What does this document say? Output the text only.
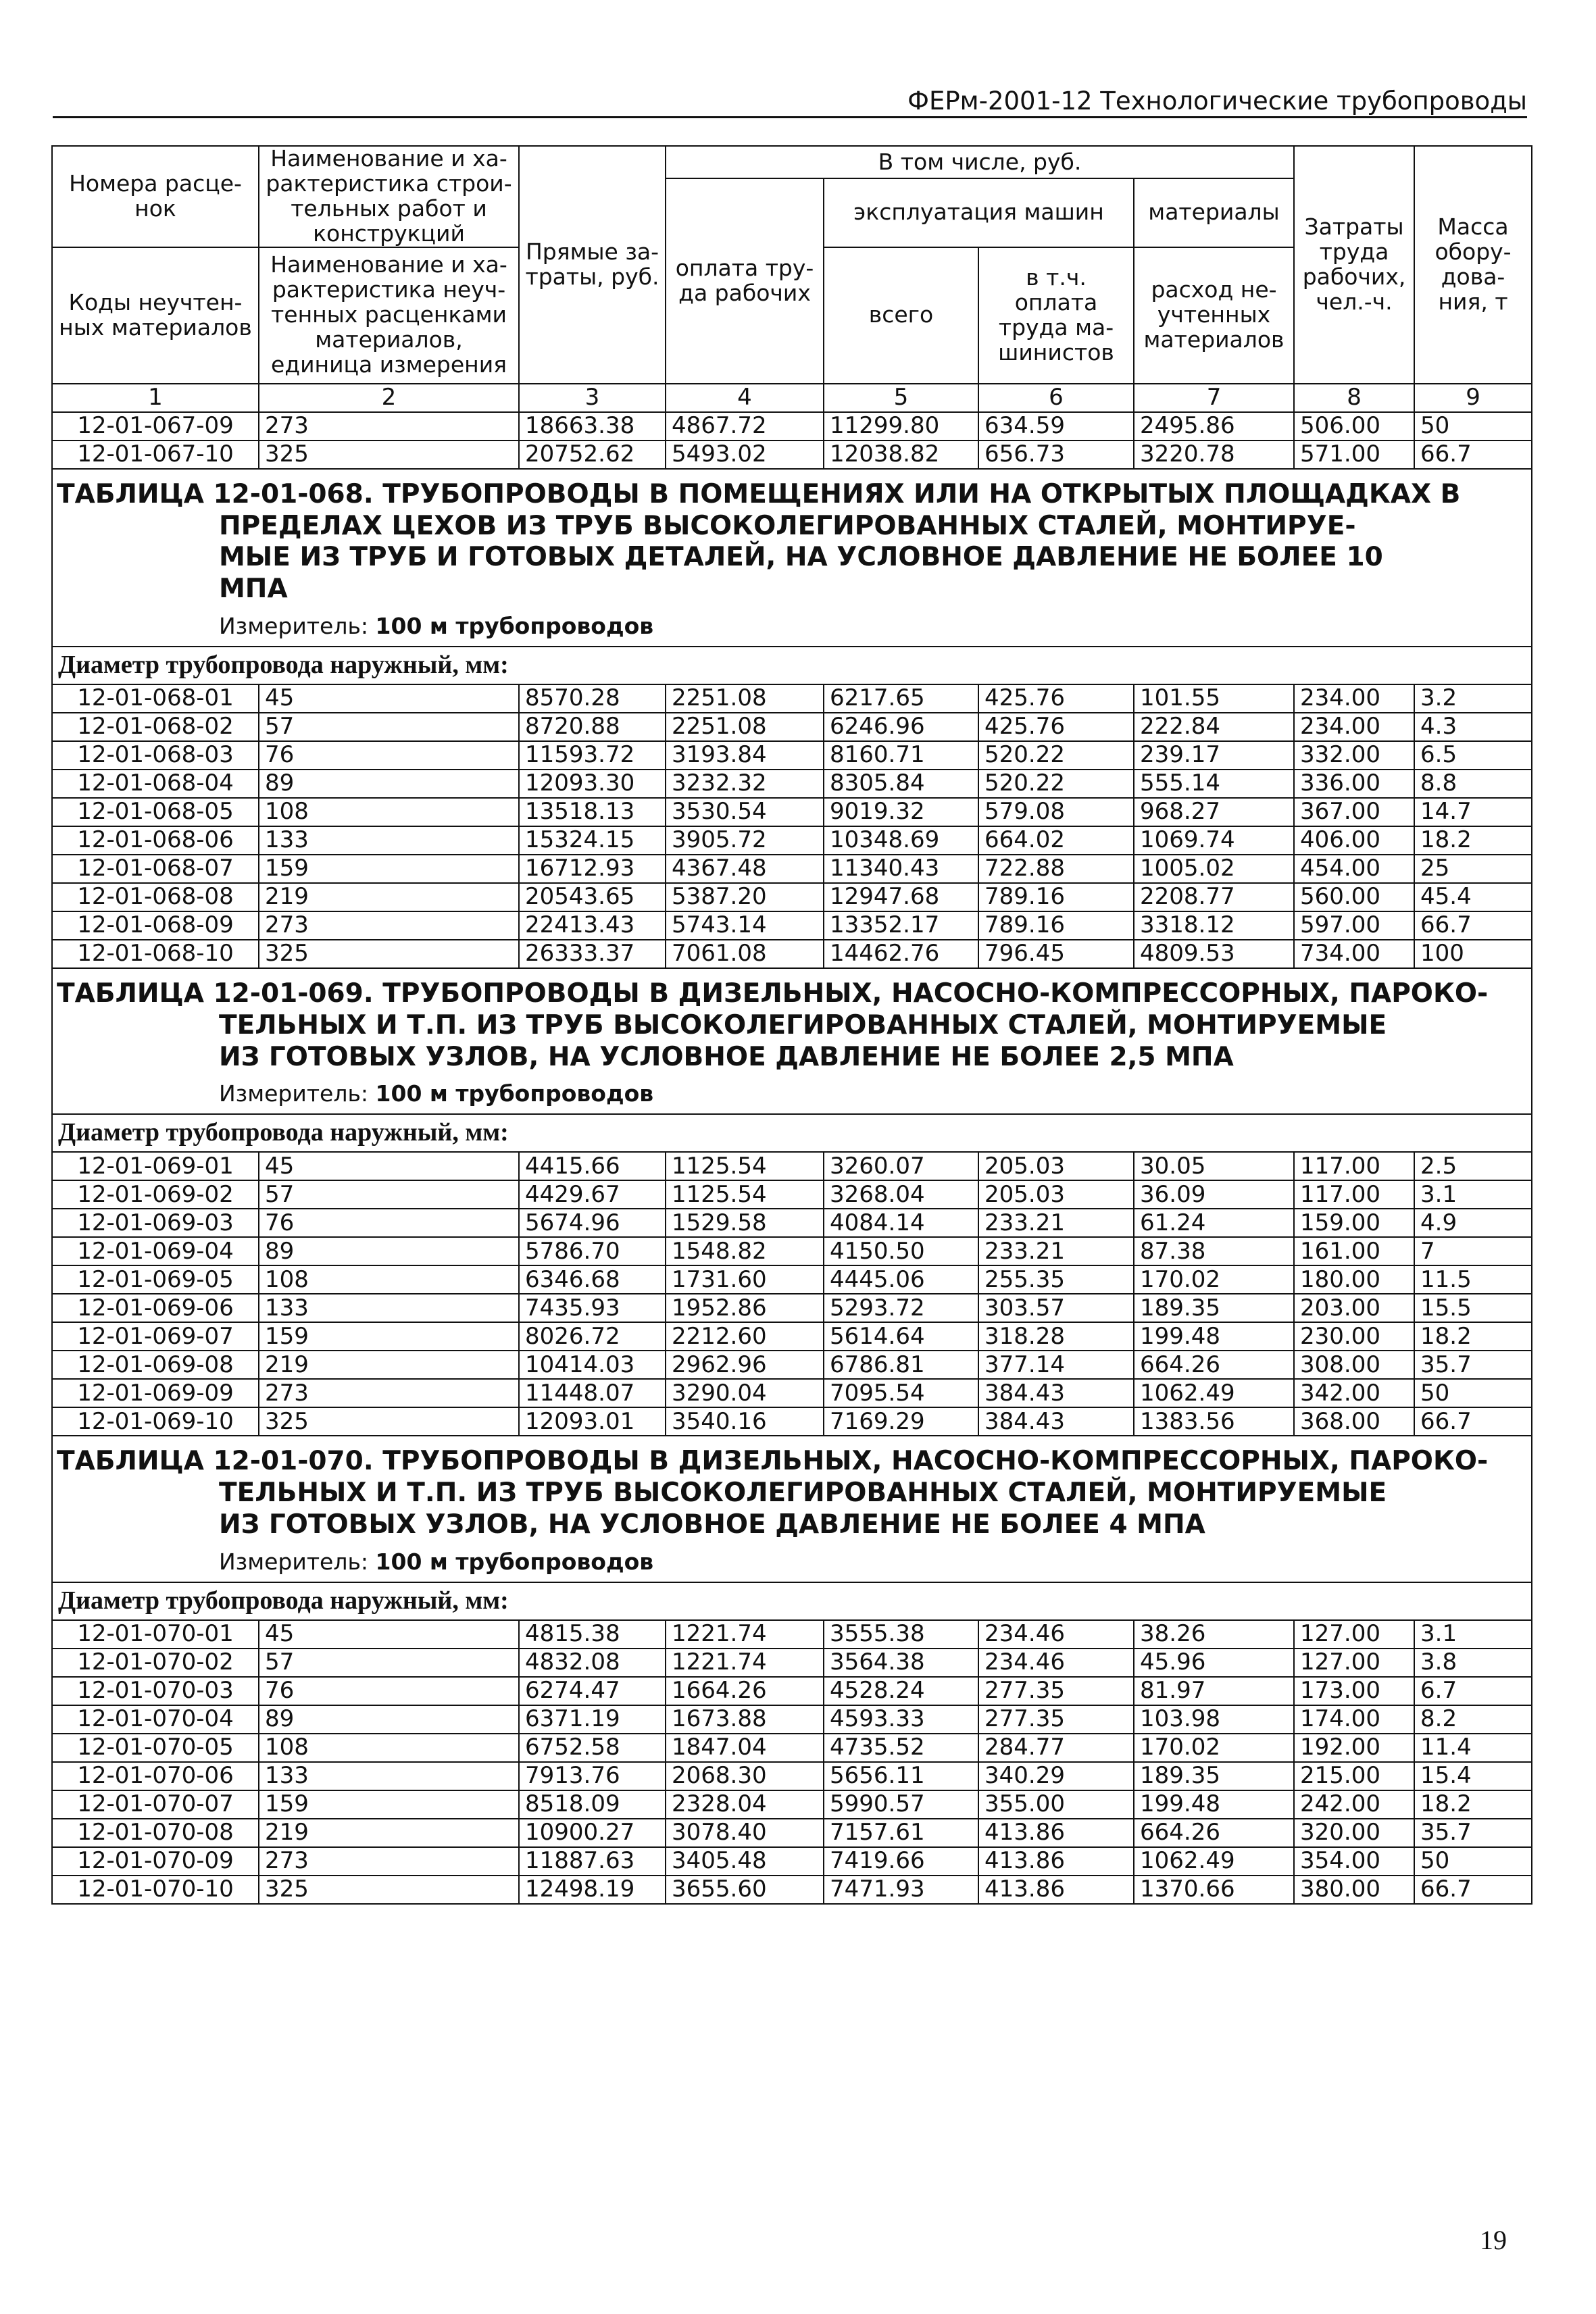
ФЕРм-2001-12 Технологические трубопроводы
Номера расце-нок	Наименование и ха-рактеристика строи-тельных работ и конструкций	Прямые за-траты, руб.	В том числе, руб.				Затраты труда рабочих, чел.-ч.	Масса обору-дова-ния, т
			оплата тру-да рабочих	эксплуатация машин		материалы		

Коды неучтен-ных материалов	Наименование и ха-рактеристика неуч-тенных расценками материалов, единица измерения			всего	в т.ч. оплата труда ма-шинистов	расход не-учтенных материалов		

1	2	3	4	5	6	7	8	9
12-01-067-09	273	18663.38	4867.72	11299.80	634.59	2495.86	506.00	50
12-01-067-10	325	20752.62	5493.02	12038.82	656.73	3220.78	571.00	66.7

ТАБЛИЦА 12-01-068. ТРУБОПРОВОДЫ В ПОМЕЩЕНИЯХ ИЛИ НА ОТКРЫТЫХ ПЛОЩАДКАХ В
ПРЕДЕЛАХ ЦЕХОВ ИЗ ТРУБ ВЫСОКОЛЕГИРОВАННЫХ СТАЛЕЙ, МОНТИРУЕ-
МЫЕ ИЗ ТРУБ И ГОТОВЫХ ДЕТАЛЕЙ, НА УСЛОВНОЕ ДАВЛЕНИЕ НЕ БОЛЕЕ 10
МПА
Измеритель: 100 м трубопроводов								

Диаметр трубопровода наружный, мм:								
12-01-068-01	45	8570.28	2251.08	6217.65	425.76	101.55	234.00	3.2
12-01-068-02	57	8720.88	2251.08	6246.96	425.76	222.84	234.00	4.3
12-01-068-03	76	11593.72	3193.84	8160.71	520.22	239.17	332.00	6.5
12-01-068-04	89	12093.30	3232.32	8305.84	520.22	555.14	336.00	8.8
12-01-068-05	108	13518.13	3530.54	9019.32	579.08	968.27	367.00	14.7
12-01-068-06	133	15324.15	3905.72	10348.69	664.02	1069.74	406.00	18.2
12-01-068-07	159	16712.93	4367.48	11340.43	722.88	1005.02	454.00	25
12-01-068-08	219	20543.65	5387.20	12947.68	789.16	2208.77	560.00	45.4
12-01-068-09	273	22413.43	5743.14	13352.17	789.16	3318.12	597.00	66.7
12-01-068-10	325	26333.37	7061.08	14462.76	796.45	4809.53	734.00	100

ТАБЛИЦА 12-01-069. ТРУБОПРОВОДЫ В ДИЗЕЛЬНЫХ, НАСОСНО-КОМПРЕССОРНЫХ, ПАРОКО-
ТЕЛЬНЫХ И Т.П. ИЗ ТРУБ ВЫСОКОЛЕГИРОВАННЫХ СТАЛЕЙ, МОНТИРУЕМЫЕ
ИЗ ГОТОВЫХ УЗЛОВ, НА УСЛОВНОЕ ДАВЛЕНИЕ НЕ БОЛЕЕ 2,5 МПА
Измеритель: 100 м трубопроводов								

Диаметр трубопровода наружный, мм:								
12-01-069-01	45	4415.66	1125.54	3260.07	205.03	30.05	117.00	2.5
12-01-069-02	57	4429.67	1125.54	3268.04	205.03	36.09	117.00	3.1
12-01-069-03	76	5674.96	1529.58	4084.14	233.21	61.24	159.00	4.9
12-01-069-04	89	5786.70	1548.82	4150.50	233.21	87.38	161.00	7
12-01-069-05	108	6346.68	1731.60	4445.06	255.35	170.02	180.00	11.5
12-01-069-06	133	7435.93	1952.86	5293.72	303.57	189.35	203.00	15.5
12-01-069-07	159	8026.72	2212.60	5614.64	318.28	199.48	230.00	18.2
12-01-069-08	219	10414.03	2962.96	6786.81	377.14	664.26	308.00	35.7
12-01-069-09	273	11448.07	3290.04	7095.54	384.43	1062.49	342.00	50
12-01-069-10	325	12093.01	3540.16	7169.29	384.43	1383.56	368.00	66.7

ТАБЛИЦА 12-01-070. ТРУБОПРОВОДЫ В ДИЗЕЛЬНЫХ, НАСОСНО-КОМПРЕССОРНЫХ, ПАРОКО-
ТЕЛЬНЫХ И Т.П. ИЗ ТРУБ ВЫСОКОЛЕГИРОВАННЫХ СТАЛЕЙ, МОНТИРУЕМЫЕ
ИЗ ГОТОВЫХ УЗЛОВ, НА УСЛОВНОЕ ДАВЛЕНИЕ НЕ БОЛЕЕ 4 МПА
Измеритель: 100 м трубопроводов								

Диаметр трубопровода наружный, мм:								
12-01-070-01	45	4815.38	1221.74	3555.38	234.46	38.26	127.00	3.1
12-01-070-02	57	4832.08	1221.74	3564.38	234.46	45.96	127.00	3.8
12-01-070-03	76	6274.47	1664.26	4528.24	277.35	81.97	173.00	6.7
12-01-070-04	89	6371.19	1673.88	4593.33	277.35	103.98	174.00	8.2
12-01-070-05	108	6752.58	1847.04	4735.52	284.77	170.02	192.00	11.4
12-01-070-06	133	7913.76	2068.30	5656.11	340.29	189.35	215.00	15.4
12-01-070-07	159	8518.09	2328.04	5990.57	355.00	199.48	242.00	18.2
12-01-070-08	219	10900.27	3078.40	7157.61	413.86	664.26	320.00	35.7
12-01-070-09	273	11887.63	3405.48	7419.66	413.86	1062.49	354.00	50
12-01-070-10	325	12498.19	3655.60	7471.93	413.86	1370.66	380.00	66.7
19
